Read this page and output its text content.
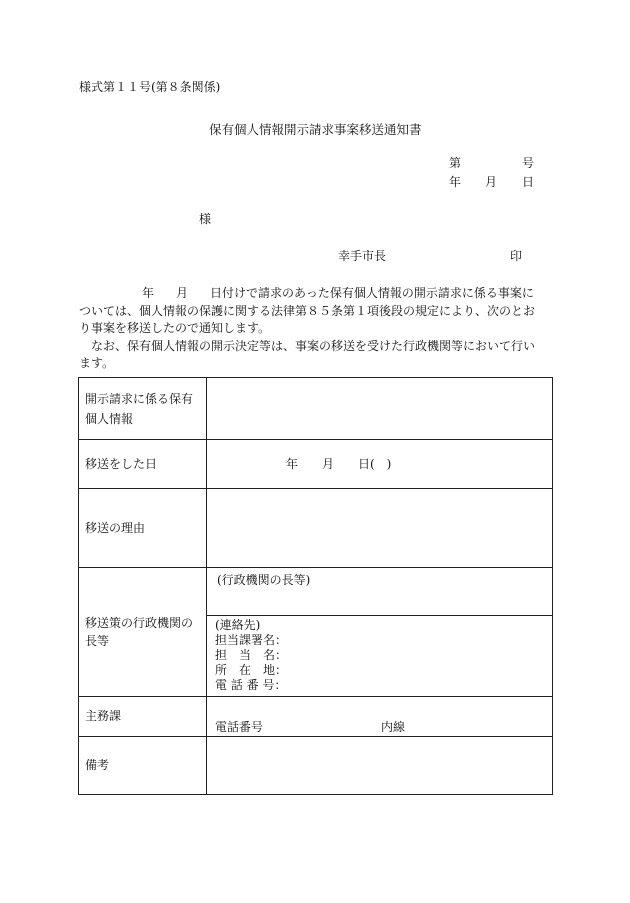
様式第１１号(第８条関係)
保有個人情報開示請求事案移送通知書
第	号
年 月 日
様
幸手市長	印
年 月 日付けで請求のあった保有個人情報の開示請求に係る事案に
ついては、個人情報の保護に関する法律第８５条第１項後段の規定により、次のとお
り事案を移送したので通知します。
なお、保有個人情報の開示決定等は、事案の移送を受けた行政機関等において行い
ます。
開示請求に係る保有
個人情報	

移送をした日	年　　月　　日(　)
移送の理由	

移送策の行政機関の
長等	(行政機関の長等)

	(連絡先)
担当課署名：
担　当　名：
所　在　地：
電 話 番 号：

主務課	電話番号 内線
備考	
